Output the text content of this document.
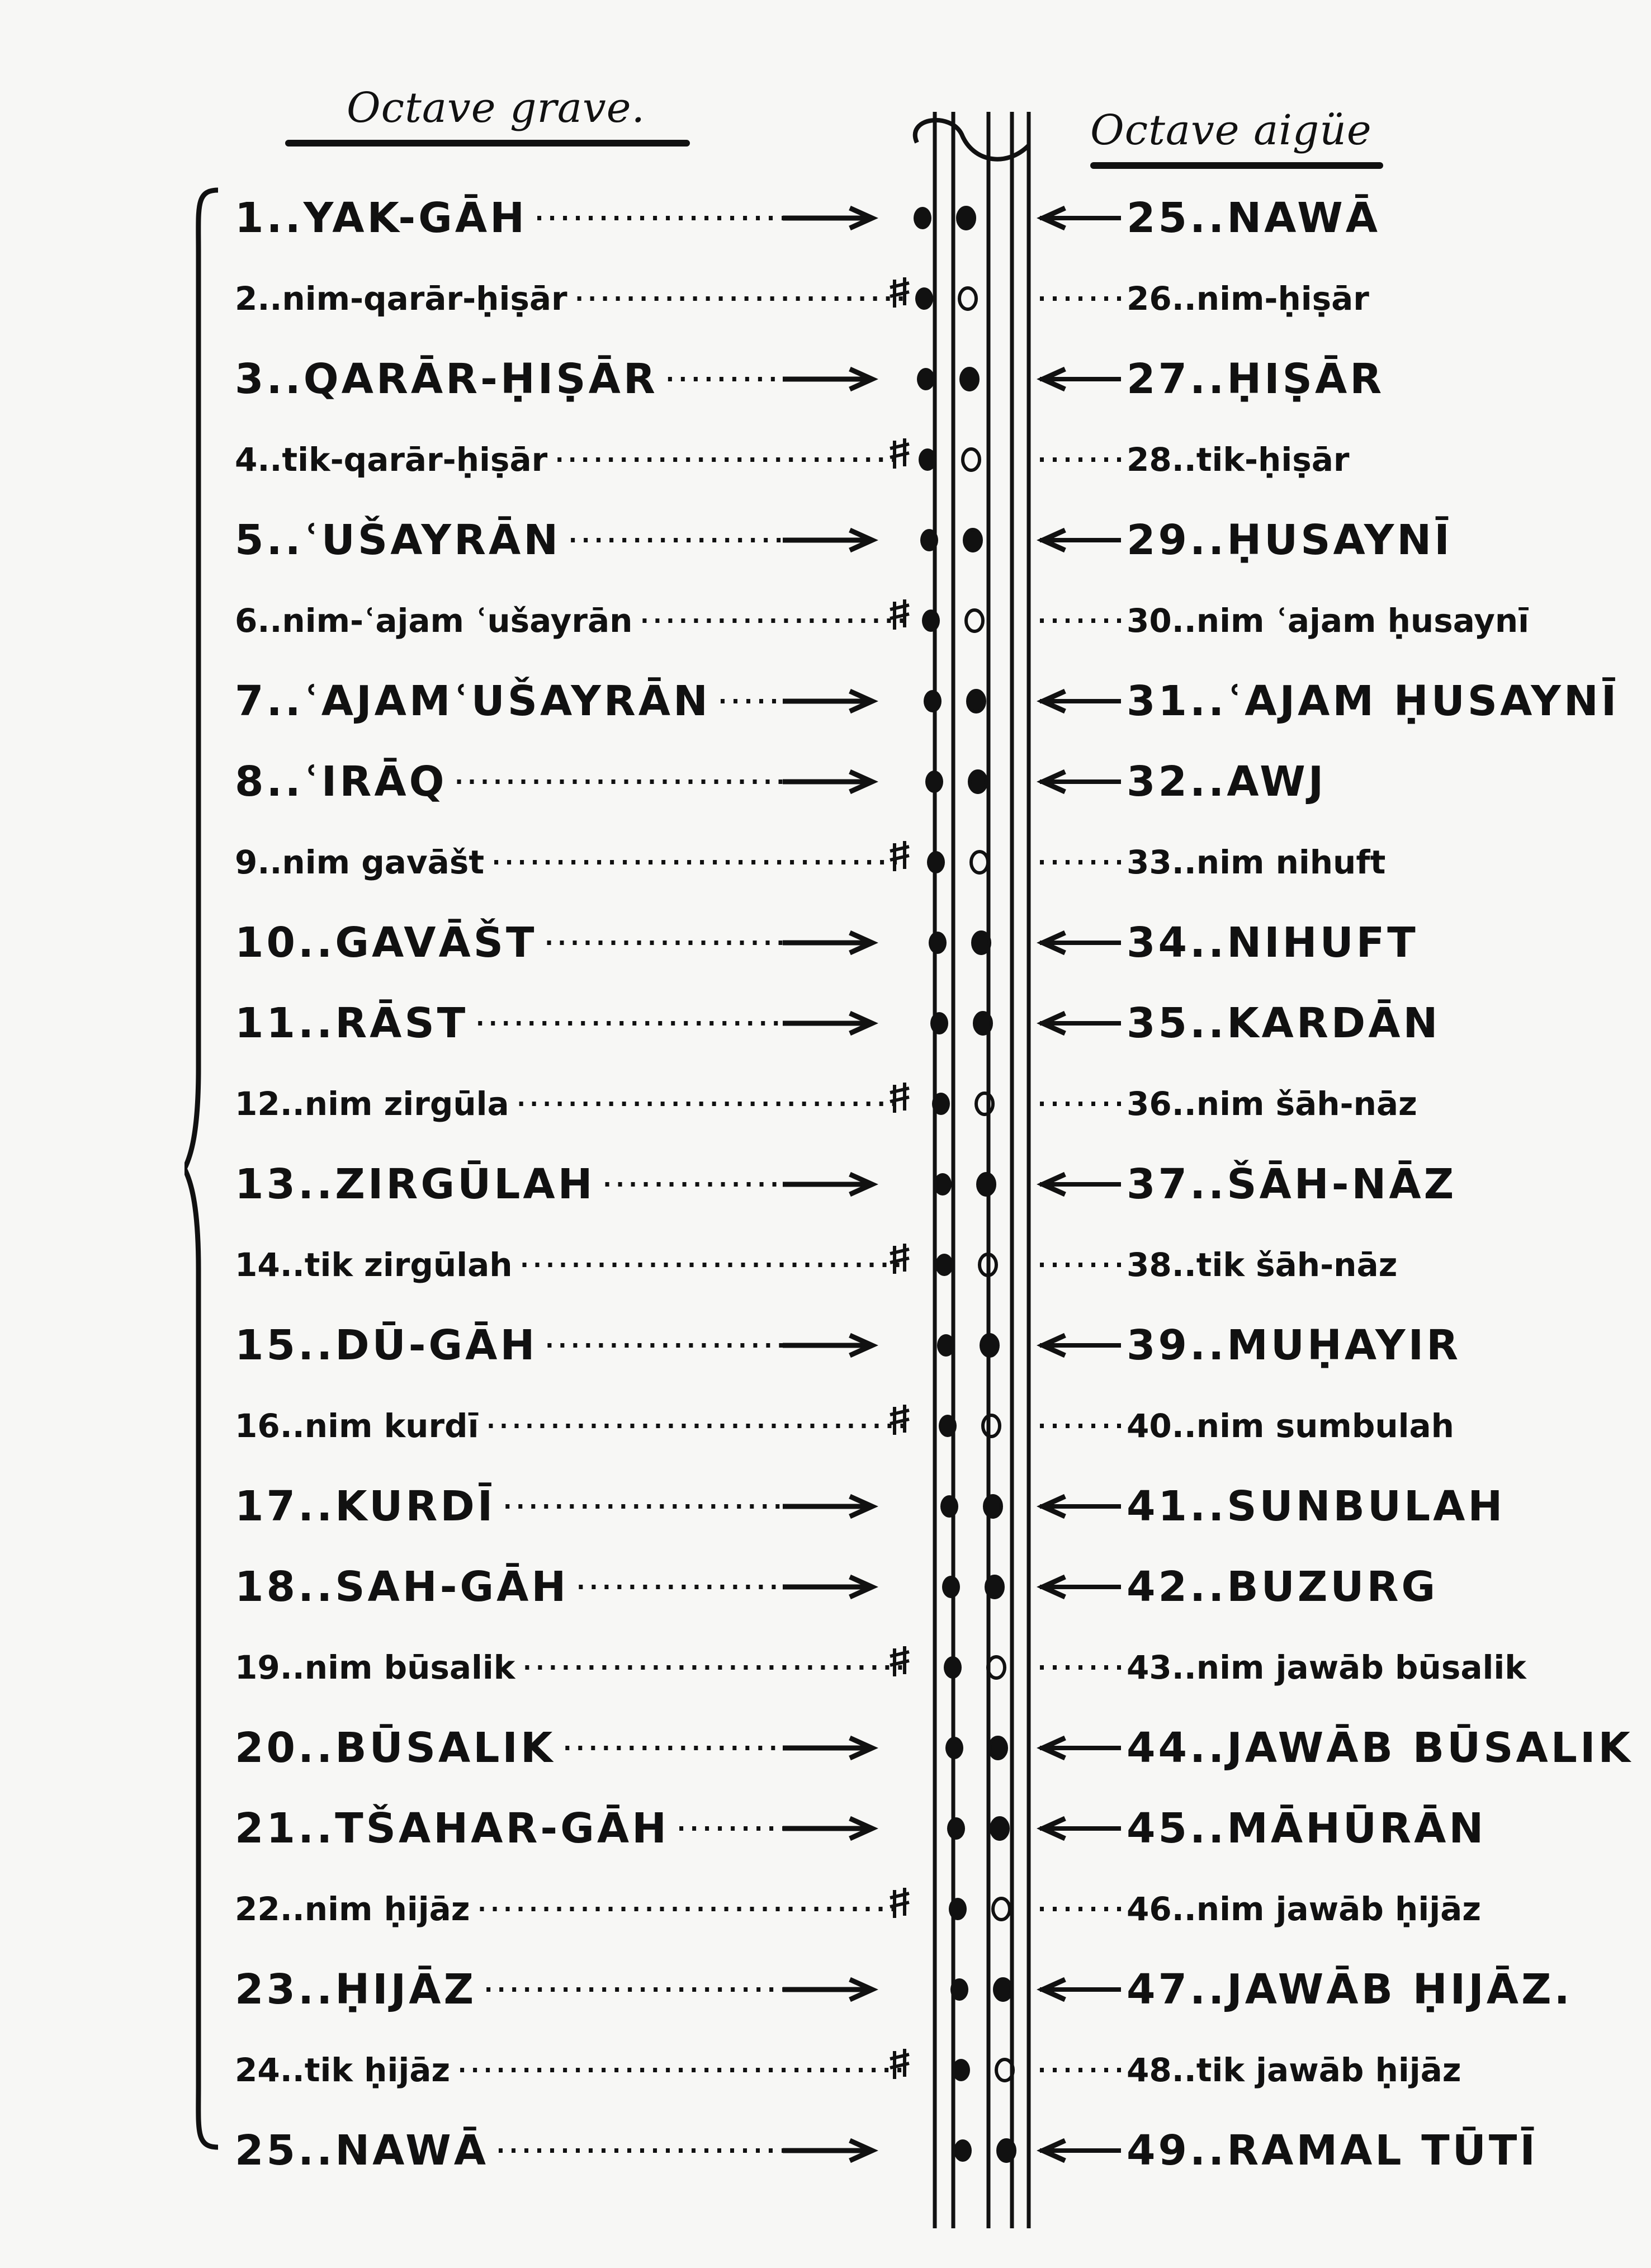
Octave grave.	Octave aigüe
1..YAK-GĀH	25..NAWĀ
2..nim-qarār-ḥiṣār	26..nim-ḥiṣār
3..QARĀR-ḤIṢĀR	27..ḤIṢĀR
4..tik-qarār-ḥiṣār	28..tik-ḥiṣār
5..ʿUŠAYRĀN	29..ḤUSAYNĪ
6..nim-ʿajam ʿušayrān	30..nim ʿajam ḥusaynī
7..ʿAJAMʿUŠAYRĀN	31..ʿAJAM ḤUSAYNĪ
8..ʿIRĀQ	32..AWJ
9..nim gavāšt	33..nim nihuft
10..GAVĀŠT	34..NIHUFT
11..RĀST	35..KARDĀN
12..nim zirgūla	36..nim šāh-nāz
13..ZIRGŪLAH	37..ŠĀH-NĀZ
14..tik zirgūlah	38..tik šāh-nāz
15..DŪ-GĀH	39..MUḤAYIR
16..nim kurdī	40..nim sumbulah
17..KURDĪ	41..SUNBULAH
18..SAH-GĀH	42..BUZURG
19..nim būsalik	43..nim jawāb būsalik
20..BŪSALIK	44..JAWĀB BŪSALIK
21..TŠAHAR-GĀH	45..MĀHŪRĀN
22..nim ḥijāz	46..nim jawāb ḥijāz
23..ḤIJĀZ	47..JAWĀB ḤIJĀZ.
24..tik ḥijāz	48..tik jawāb ḥijāz
25..NAWĀ	49..RAMAL TŪTĪ
